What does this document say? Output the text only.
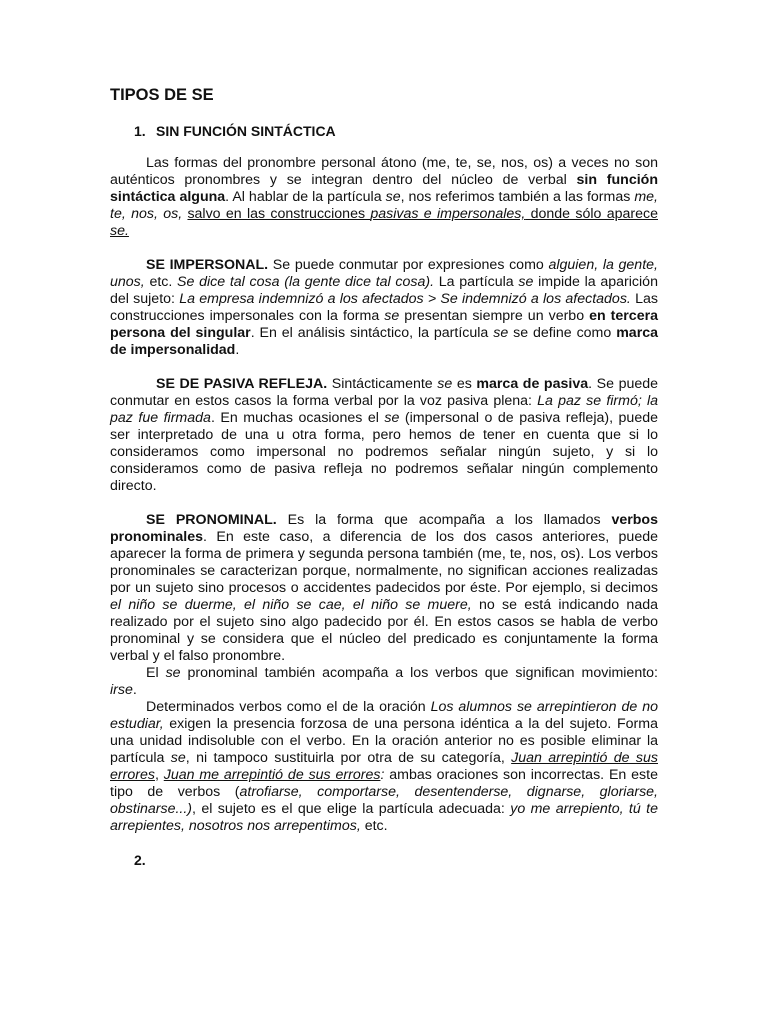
TIPOS DE SE
1. SIN FUNCIÓN SINTÁCTICA

Las formas del pronombre personal átono (me, te, se, nos, os) a veces no son auténticos pronombres y se integran dentro del núcleo de verbal sin función sintáctica alguna. Al hablar de la partícula se, nos referimos también a las formas me, te, nos, os, salvo en las construcciones pasivas e impersonales, donde sólo aparece se.

SE IMPERSONAL. Se puede conmutar por expresiones como alguien, la gente, unos, etc. Se dice tal cosa (la gente dice tal cosa). La partícula se impide la aparición del sujeto: La empresa indemnizó a los afectados > Se indemnizó a los afectados. Las construcciones impersonales con la forma se presentan siempre un verbo en tercera persona del singular. En el análisis sintáctico, la partícula se se define como marca de impersonalidad.

SE DE PASIVA REFLEJA. Sintácticamente se es marca de pasiva. Se puede conmutar en estos casos la forma verbal por la voz pasiva plena: La paz se firmó; la paz fue firmada. En muchas ocasiones el se (impersonal o de pasiva refleja), puede ser interpretado de una u otra forma, pero hemos de tener en cuenta que si lo consideramos como impersonal no podremos señalar ningún sujeto, y si lo consideramos como de pasiva refleja no podremos señalar ningún complemento directo.

SE PRONOMINAL. Es la forma que acompaña a los llamados verbos pronominales. En este caso, a diferencia de los dos casos anteriores, puede aparecer la forma de primera y segunda persona también (me, te, nos, os). Los verbos pronominales se caracterizan porque, normalmente, no significan acciones realizadas por un sujeto sino procesos o accidentes padecidos por éste. Por ejemplo, si decimos el niño se duerme, el niño se cae, el niño se muere, no se está indicando nada realizado por el sujeto sino algo padecido por él. En estos casos se habla de verbo pronominal y se considera que el núcleo del predicado es conjuntamente la forma verbal y el falso pronombre.

El se pronominal también acompaña a los verbos que significan movimiento: irse.

Determinados verbos como el de la oración Los alumnos se arrepintieron de no estudiar, exigen la presencia forzosa de una persona idéntica a la del sujeto. Forma una unidad indisoluble con el verbo. En la oración anterior no es posible eliminar la partícula se, ni tampoco sustituirla por otra de su categoría, Juan arrepintió de sus errores, Juan me arrepintió de sus errores: ambas oraciones son incorrectas. En este tipo de verbos (atrofiarse, comportarse, desentenderse, dignarse, gloriarse, obstinarse...), el sujeto es el que elige la partícula adecuada: yo me arrepiento, tú te arrepientes, nosotros nos arrepentimos, etc.

2.
